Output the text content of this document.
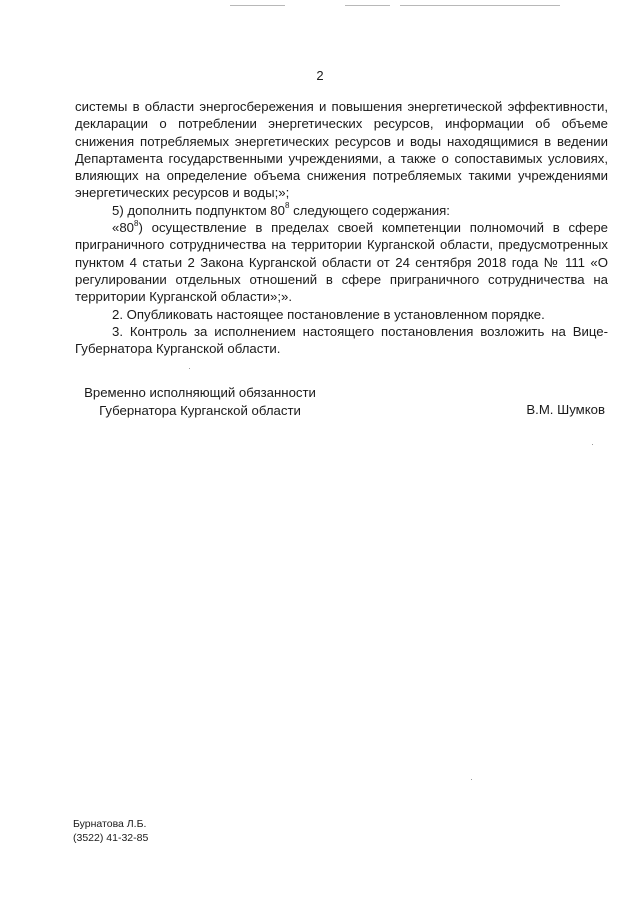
2

системы в области энергосбережения и повышения энергетической эффективности, декларации о потреблении энергетических ресурсов, информации об объеме снижения потребляемых энергетических ресурсов и воды находящимися в ведении Департамента государственными учреждениями, а также о сопоставимых условиях, влияющих на определение объема снижения потребляемых такими учреждениями энергетических ресурсов и воды;»;

5) дополнить подпунктом $80^8$ следующего содержания:

«$80^8$) осуществление в пределах своей компетенции полномочий в сфере приграничного сотрудничества на территории Курганской области, предусмотренных пунктом 4 статьи 2 Закона Курганской области от 24 сентября 2018 года № 111 «О регулировании отдельных отношений в сфере приграничного сотрудничества на территории Курганской области»;».

2. Опубликовать настоящее постановление в установленном порядке.

3. Контроль за исполнением настоящего постановления возложить на Вице-Губернатора Курганской области.

Временно исполняющий обязанности
Губернатора Курганской области	В.М. Шумков
Бурнатова Л.Б.
(3522) 41-32-85
